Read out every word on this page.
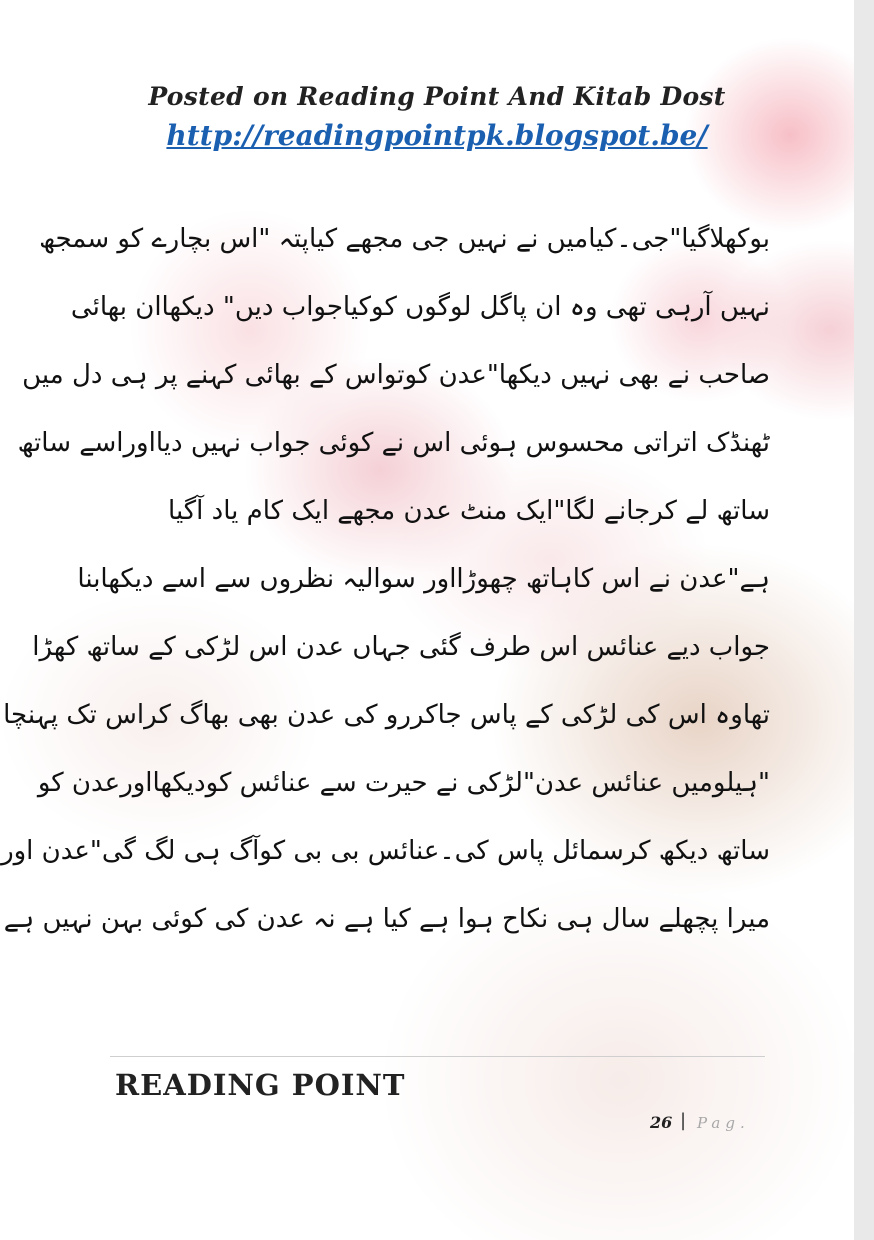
Posted on Reading Point And Kitab Dost
http://readingpointpk.blogspot.be/
بوکھلاگیا"جی۔کیامیں نے نہیں جی مجھے کیاپتہ "اس بچارے کو سمجھ
نہیں آرہی تھی وہ ان پاگل لوگوں کوکیاجواب دیں" دیکھاان بھائی
صاحب نے بھی نہیں دیکھا"عدن کوتواس کے بھائی کہنے پر ہی دل میں
ٹھنڈک اتراتی محسوس ہوئی اس نے کوئی جواب نہیں دیااوراسے ساتھ
ساتھ لے کرجانے لگا"ایک منٹ عدن مجھے ایک کام یاد آگیا
ہے"عدن نے اس کاہاتھ چھوڑااور سوالیہ نظروں سے اسے دیکھابنا
جواب دیے عنائس اس طرف گئی جہاں عدن اس لڑکی کے ساتھ کھڑا
تھاوہ اس کی لڑکی کے پاس جاکررو کی عدن بھی بھاگ کراس تک پہنچا
"ہیلومیں عنائس عدن"لڑکی نے حیرت سے عنائس کودیکھااورعدن کو
ساتھ دیکھ کرسمائل پاس کی۔عنائس بی بی کوآگ ہی لگ گی"عدن اور
میرا پچھلے سال ہی نکاح ہوا ہے کیا ہے نہ عدن کی کوئی بہن نہیں ہے
READING POINT
26 | Pag.
